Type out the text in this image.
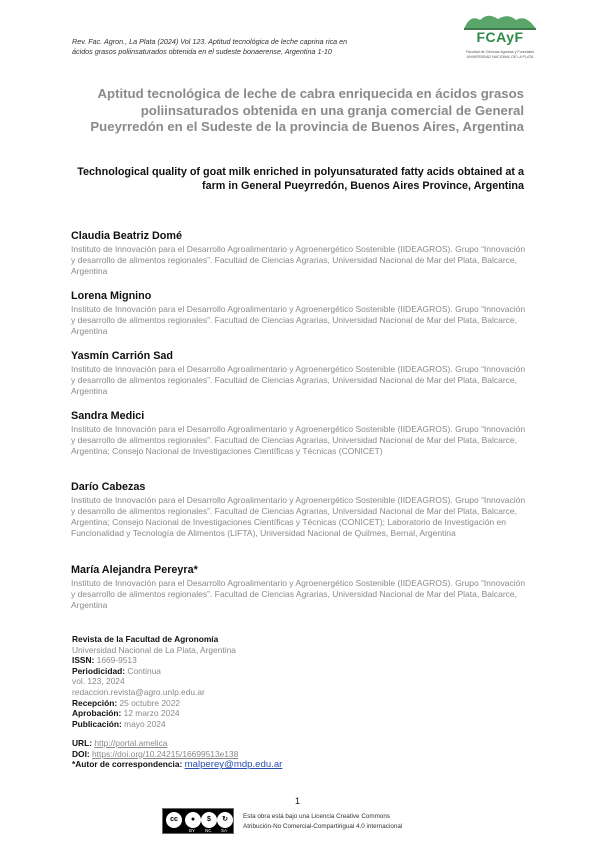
Rev. Fac. Agron., La Plata (2024) Vol 123. Aptitud tecnológica de leche caprina rica en
ácidos grasos poliinsaturados obtenida en el sudeste bonaerense, Argentina 1-10
FCAyF
Facultad de Ciencias Agrarias y Forestales
UNIVERSIDAD NACIONAL DE LA PLATA
Aptitud tecnológica de leche de cabra enriquecida en ácidos grasos poliinsaturados obtenida en una granja comercial de General Pueyrredón en el Sudeste de la provincia de Buenos Aires, Argentina
Technological quality of goat milk enriched in polyunsaturated fatty acids obtained at a farm in General Pueyrredón, Buenos Aires Province, Argentina
Claudia Beatriz Domé
Instituto de Innovación para el Desarrollo Agroalimentario y Agroenergético Sostenible (IIDEAGROS). Grupo “Innovación y desarrollo de alimentos regionales”. Facultad de Ciencias Agrarias, Universidad Nacional de Mar del Plata, Balcarce, Argentina
Lorena Mignino
Instituto de Innovación para el Desarrollo Agroalimentario y Agroenergético Sostenible (IIDEAGROS). Grupo “Innovación y desarrollo de alimentos regionales”. Facultad de Ciencias Agrarias, Universidad Nacional de Mar del Plata, Balcarce, Argentina
Yasmín Carrión Sad
Instituto de Innovación para el Desarrollo Agroalimentario y Agroenergético Sostenible (IIDEAGROS). Grupo “Innovación y desarrollo de alimentos regionales”. Facultad de Ciencias Agrarias, Universidad Nacional de Mar del Plata, Balcarce, Argentina
Sandra Medici
Instituto de Innovación para el Desarrollo Agroalimentario y Agroenergético Sostenible (IIDEAGROS). Grupo “Innovación y desarrollo de alimentos regionales”. Facultad de Ciencias Agrarias, Universidad Nacional de Mar del Plata, Balcarce, Argentina; Consejo Nacional de Investigaciones Científicas y Técnicas (CONICET)
Darío Cabezas
Instituto de Innovación para el Desarrollo Agroalimentario y Agroenergético Sostenible (IIDEAGROS). Grupo “Innovación y desarrollo de alimentos regionales”. Facultad de Ciencias Agrarias, Universidad Nacional de Mar del Plata, Balcarce, Argentina; Consejo Nacional de Investigaciones Científicas y Técnicas (CONICET); Laboratorio de Investigación en Funcionalidad y Tecnología de Alimentos (LIFTA), Universidad Nacional de Quilmes, Bernal, Argentina
María Alejandra Pereyra*
Instituto de Innovación para el Desarrollo Agroalimentario y Agroenergético Sostenible (IIDEAGROS). Grupo “Innovación y desarrollo de alimentos regionales”. Facultad de Ciencias Agrarias, Universidad Nacional de Mar del Plata, Balcarce, Argentina
Revista de la Facultad de Agronomía
Universidad Nacional de La Plata, Argentina
ISSN: 1669-9513
Periodicidad: Continua
vol. 123, 2024
redaccion.revista@agro.unlp.edu.ar
Recepción: 25 octubre 2022
Aprobación: 12 marzo 2024
Publicación: mayo 2024
URL: http://portal.amelica
DOI: https://doi.org/10.24215/16699513e138
*Autor de correspondencia: malperey@mdp.edu.ar
1
cc	●	$	↻
BY NC SA
Esta obra está bajo una Licencia Creative Commons
Atribución-No Comercial-Compartirigual 4.0 internacional
